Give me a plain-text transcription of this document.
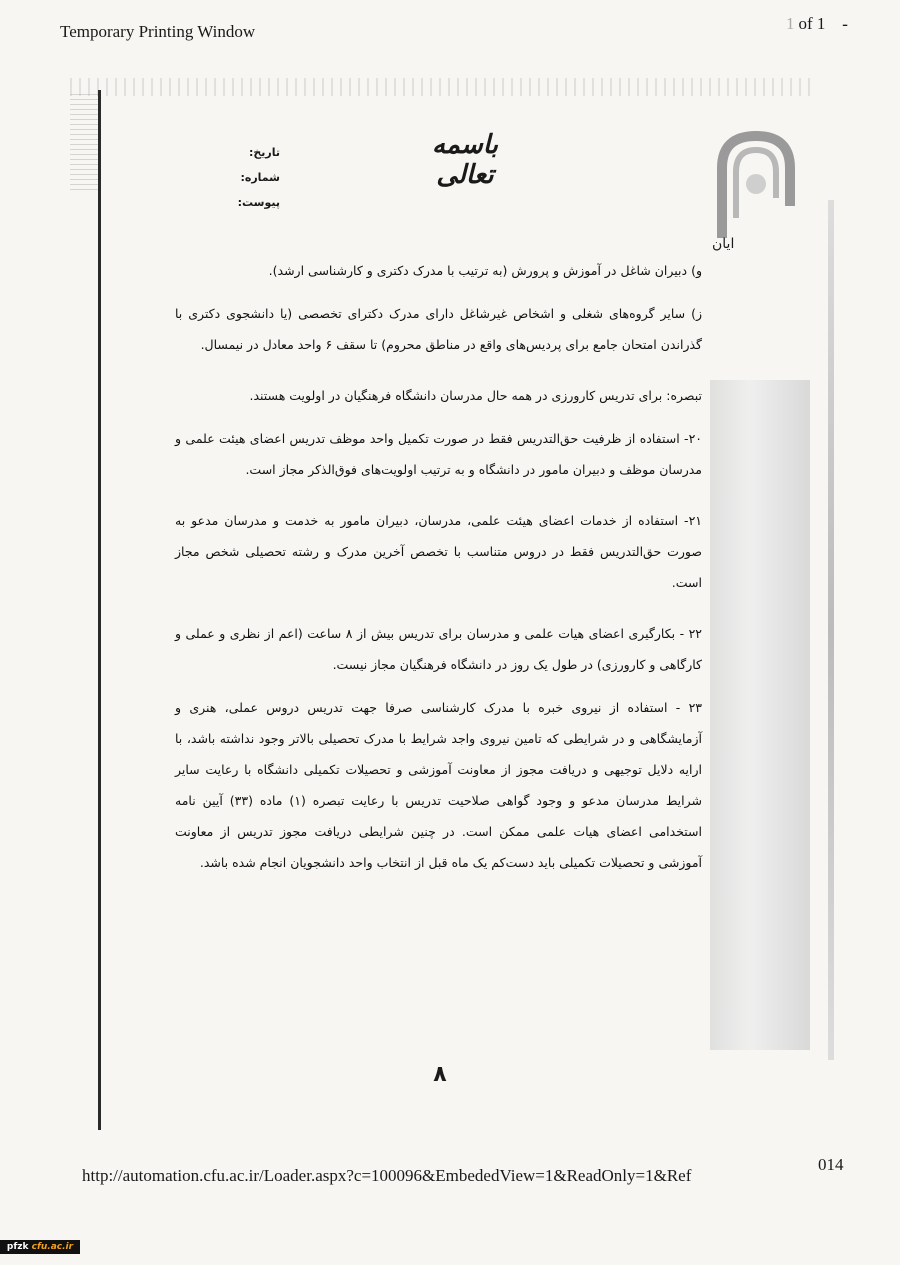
Temporary Printing Window	1 of 1 -
ایان
باسمه تعالی
تاریخ:
شماره:
پیوست:

و) دبیران شاغل در آموزش و پرورش (به ترتیب با مدرک دکتری و کارشناسی ارشد).

ز) سایر گروه‌های شغلی و اشخاص غیرشاغل دارای مدرک دکترای تخصصی (یا دانشجوی دکتری با گذراندن امتحان جامع برای پردیس‌های واقع در مناطق محروم) تا سقف ۶ واحد معادل در نیمسال.

تبصره: برای تدریس کارورزی در همه حال مدرسان دانشگاه فرهنگیان در اولویت هستند.

۲۰- استفاده از ظرفیت حق‌التدریس فقط در صورت تکمیل واحد موظف تدریس اعضای هیئت علمی و مدرسان موظف و دبیران مامور در دانشگاه و به ترتیب اولویت‌های فوق‌الذکر مجاز است.

۲۱- استفاده از خدمات اعضای هیئت علمی، مدرسان، دبیران مامور به خدمت و مدرسان مدعو به صورت حق‌التدریس فقط در دروس متناسب با تخصص آخرین مدرک و رشته تحصیلی شخص مجاز است.

۲۲ - بکارگیری اعضای هیات علمی و مدرسان برای تدریس بیش از ۸ ساعت (اعم از نظری و عملی و کارگاهی و کارورزی) در طول یک روز در دانشگاه فرهنگیان مجاز نیست.

۲۳ - استفاده از نیروی خبره با مدرک کارشناسی صرفا جهت تدریس دروس عملی، هنری و آزمایشگاهی و در شرایطی که تامین نیروی واجد شرایط با مدرک تحصیلی بالاتر وجود نداشته باشد، با ارایه دلایل توجیهی و دریافت مجوز از معاونت آموزشی و تحصیلات تکمیلی دانشگاه با رعایت سایر شرایط مدرسان مدعو و وجود گواهی صلاحیت تدریس با رعایت تبصره (۱) ماده (۳۳) آیین نامه استخدامی اعضای هیات علمی ممکن است. در چنین شرایطی دریافت مجوز تدریس از معاونت آموزشی و تحصیلات تکمیلی باید دست‌کم یک ماه قبل از انتخاب واحد دانشجویان انجام شده باشد.

۸
http://automation.cfu.ac.ir/Loader.aspx?c=100096&EmbededView=1&ReadOnly=1&Ref
014
pfzk cfu.ac.ir
